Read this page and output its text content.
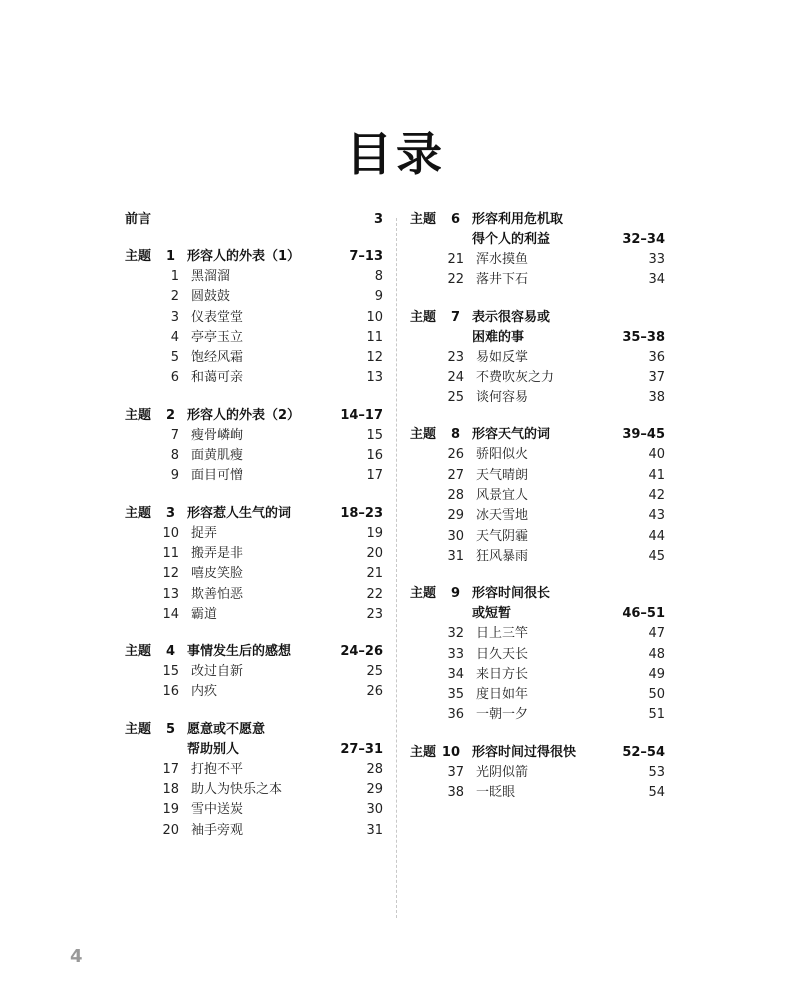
目录
前言	3
主题	1 形容人的外表（1）	7–13
1 黑溜溜	8
2 圆鼓鼓	9
3 仪表堂堂	10
4 亭亭玉立	11
5 饱经风霜	12
6 和蔼可亲	13
主题	2 形容人的外表（2）	14–17
7 瘦骨嶙峋	15
8 面黄肌瘦	16
9 面目可憎	17
主题	3 形容惹人生气的词	18–23
10 捉弄	19
11 搬弄是非	20
12 嘻皮笑脸	21
13 欺善怕恶	22
14 霸道	23
主题	4 事情发生后的感想	24–26
15 改过自新	25
16 内疚	26
主题	5 愿意或不愿意
帮助别人	27–31
17 打抱不平	28
18 助人为快乐之本	29
19 雪中送炭	30
20 袖手旁观	31
主题	6 形容利用危机取
得个人的利益	32–34
21 浑水摸鱼	33
22 落井下石	34
主题	7 表示很容易或
困难的事	35–38
23 易如反掌	36
24 不费吹灰之力	37
25 谈何容易	38
主题	8 形容天气的词	39–45
26 骄阳似火	40
27 天气晴朗	41
28 风景宜人	42
29 冰天雪地	43
30 天气阴霾	44
31 狂风暴雨	45
主题	9 形容时间很长
或短暂	46–51
32 日上三竿	47
33 日久天长	48
34 来日方长	49
35 度日如年	50
36 一朝一夕	51
主题 10 形容时间过得很快	52–54
37 光阴似箭	53
38 一眨眼	54
4
